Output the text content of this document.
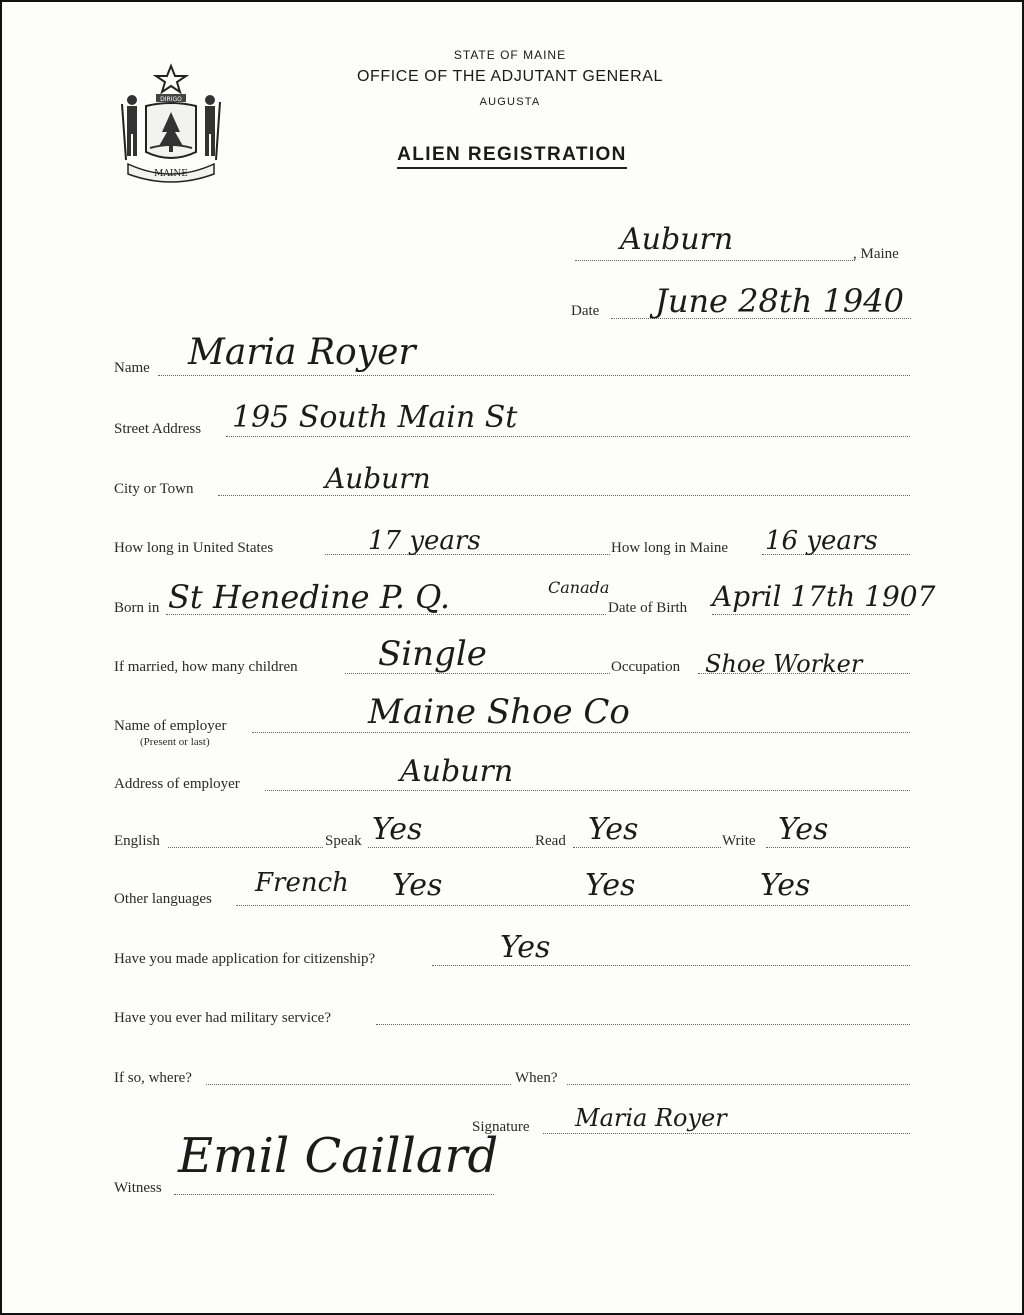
DIRIGO
MAINE
STATE OF MAINE
OFFICE OF THE ADJUTANT GENERAL
AUGUSTA
ALIEN REGISTRATION
Auburn	, Maine
Date June 28th 1940
Name Maria Royer
Street Address 195 South Main St
City or Town	Auburn
How long in United States	17 years	How long in Maine 16 years
Born in St Henedine P. Q.	Canada
Date of Birth April 17th 1907
If married, how many children Single	Occupation Shoe Worker
Name of employer
(Present or last)
Maine Shoe Co
Address of employer	Auburn
English	Speak Yes	Read Yes	Write Yes
Other languages
French Yes	Yes	Yes
Have you made application for citizenship?	Yes
Have you ever had military service?
If so, where?	When?
Signature Maria Royer
Witness
Emil Caillard
